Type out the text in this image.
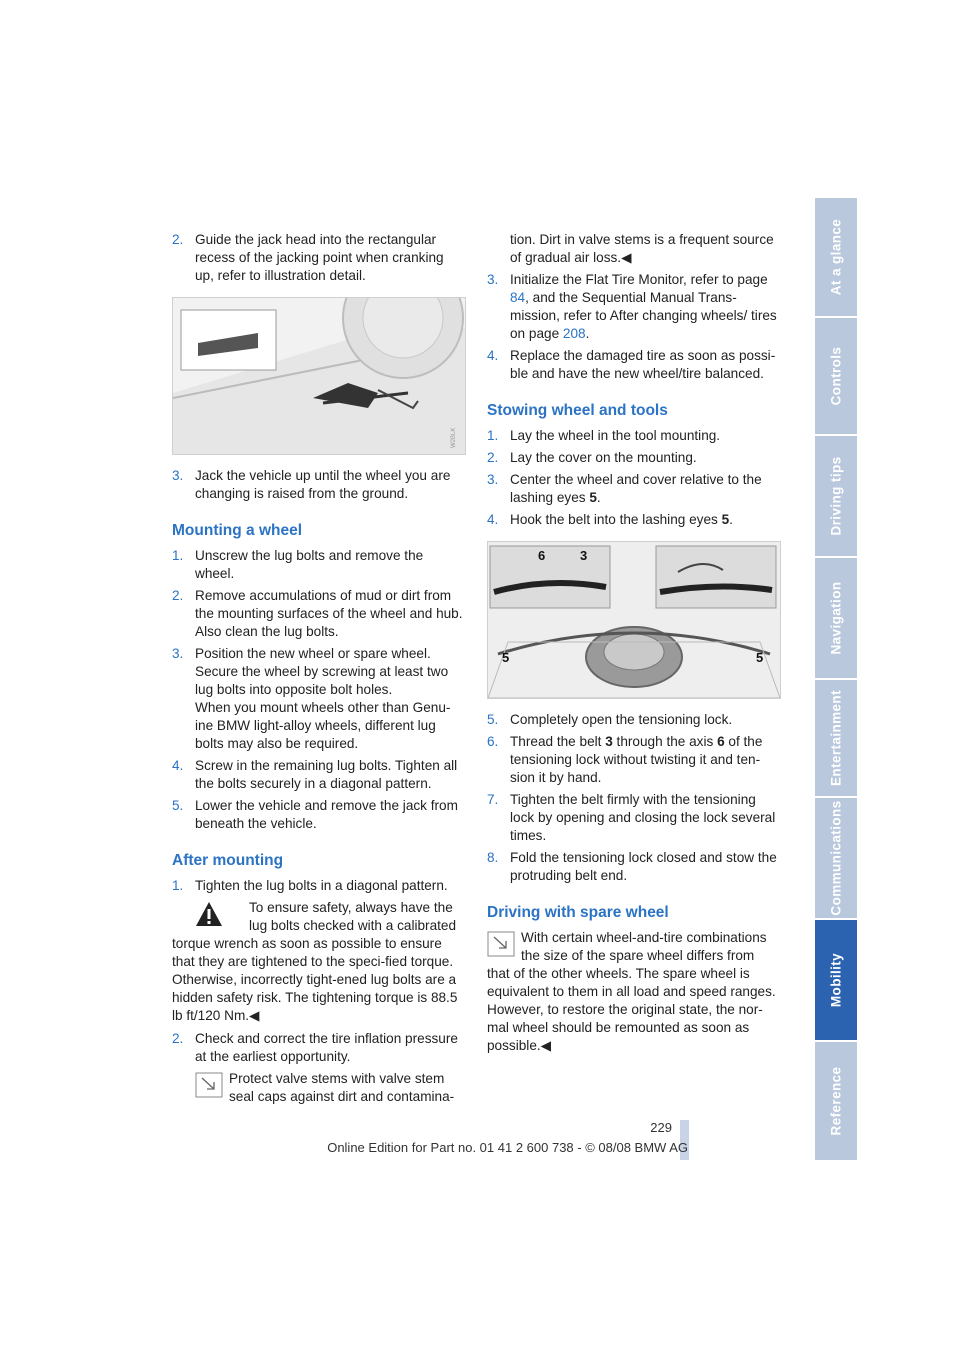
2. Guide the jack head into the rectangular recess of the jacking point when cranking up, refer to illustration detail.
W2BLK
3. Jack the vehicle up until the wheel you are changing is raised from the ground.
Mounting a wheel
1. Unscrew the lug bolts and remove the wheel.
2. Remove accumulations of mud or dirt from the mounting surfaces of the wheel and hub. Also clean the lug bolts.
3. Position the new wheel or spare wheel. Secure the wheel by screwing at least two lug bolts into opposite bolt holes.
When you mount wheels other than Genu-ine BMW light-alloy wheels, different lug bolts may also be required.
4. Screw in the remaining lug bolts. Tighten all the bolts securely in a diagonal pattern.
5. Lower the vehicle and remove the jack from beneath the vehicle.
After mounting
1. Tighten the lug bolts in a diagonal pattern.
To ensure safety, always have the lug bolts checked with a calibrated torque wrench as soon as possible to ensure that they are tightened to the speci-fied torque. Otherwise, incorrectly tight-ened lug bolts are a hidden safety risk. The tightening torque is 88.5 lb ft/120 Nm.◀
2. Check and correct the tire inflation pressure at the earliest opportunity.
Protect valve stems with valve stem seal caps against dirt and contamina-
tion. Dirt in valve stems is a frequent source of gradual air loss.◀
3. Initialize the Flat Tire Monitor, refer to page 84, and the Sequential Manual Trans-mission, refer to After changing wheels/ tires on page 208.
4. Replace the damaged tire as soon as possi-ble and have the new wheel/tire balanced.
Stowing wheel and tools
1. Lay the wheel in the tool mounting.
2. Lay the cover on the mounting.
3. Center the wheel and cover relative to the lashing eyes 5.
4. Hook the belt into the lashing eyes 5.
6	3
5	5
5. Completely open the tensioning lock.
6. Thread the belt 3 through the axis 6 of the tensioning lock without twisting it and ten-sion it by hand.
7. Tighten the belt firmly with the tensioning lock by opening and closing the lock several times.
8. Fold the tensioning lock closed and stow the protruding belt end.
Driving with spare wheel
With certain wheel-and-tire combinations the size of the spare wheel differs from that of the other wheels. The spare wheel is equivalent to them in all load and speed ranges. However, to restore the original state, the nor-mal wheel should be remounted as soon as possible.◀
At a glance
Controls
Driving tips
Navigation
Entertainment
Communications
Mobility
Reference
229
Online Edition for Part no. 01 41 2 600 738 - © 08/08 BMW AG
